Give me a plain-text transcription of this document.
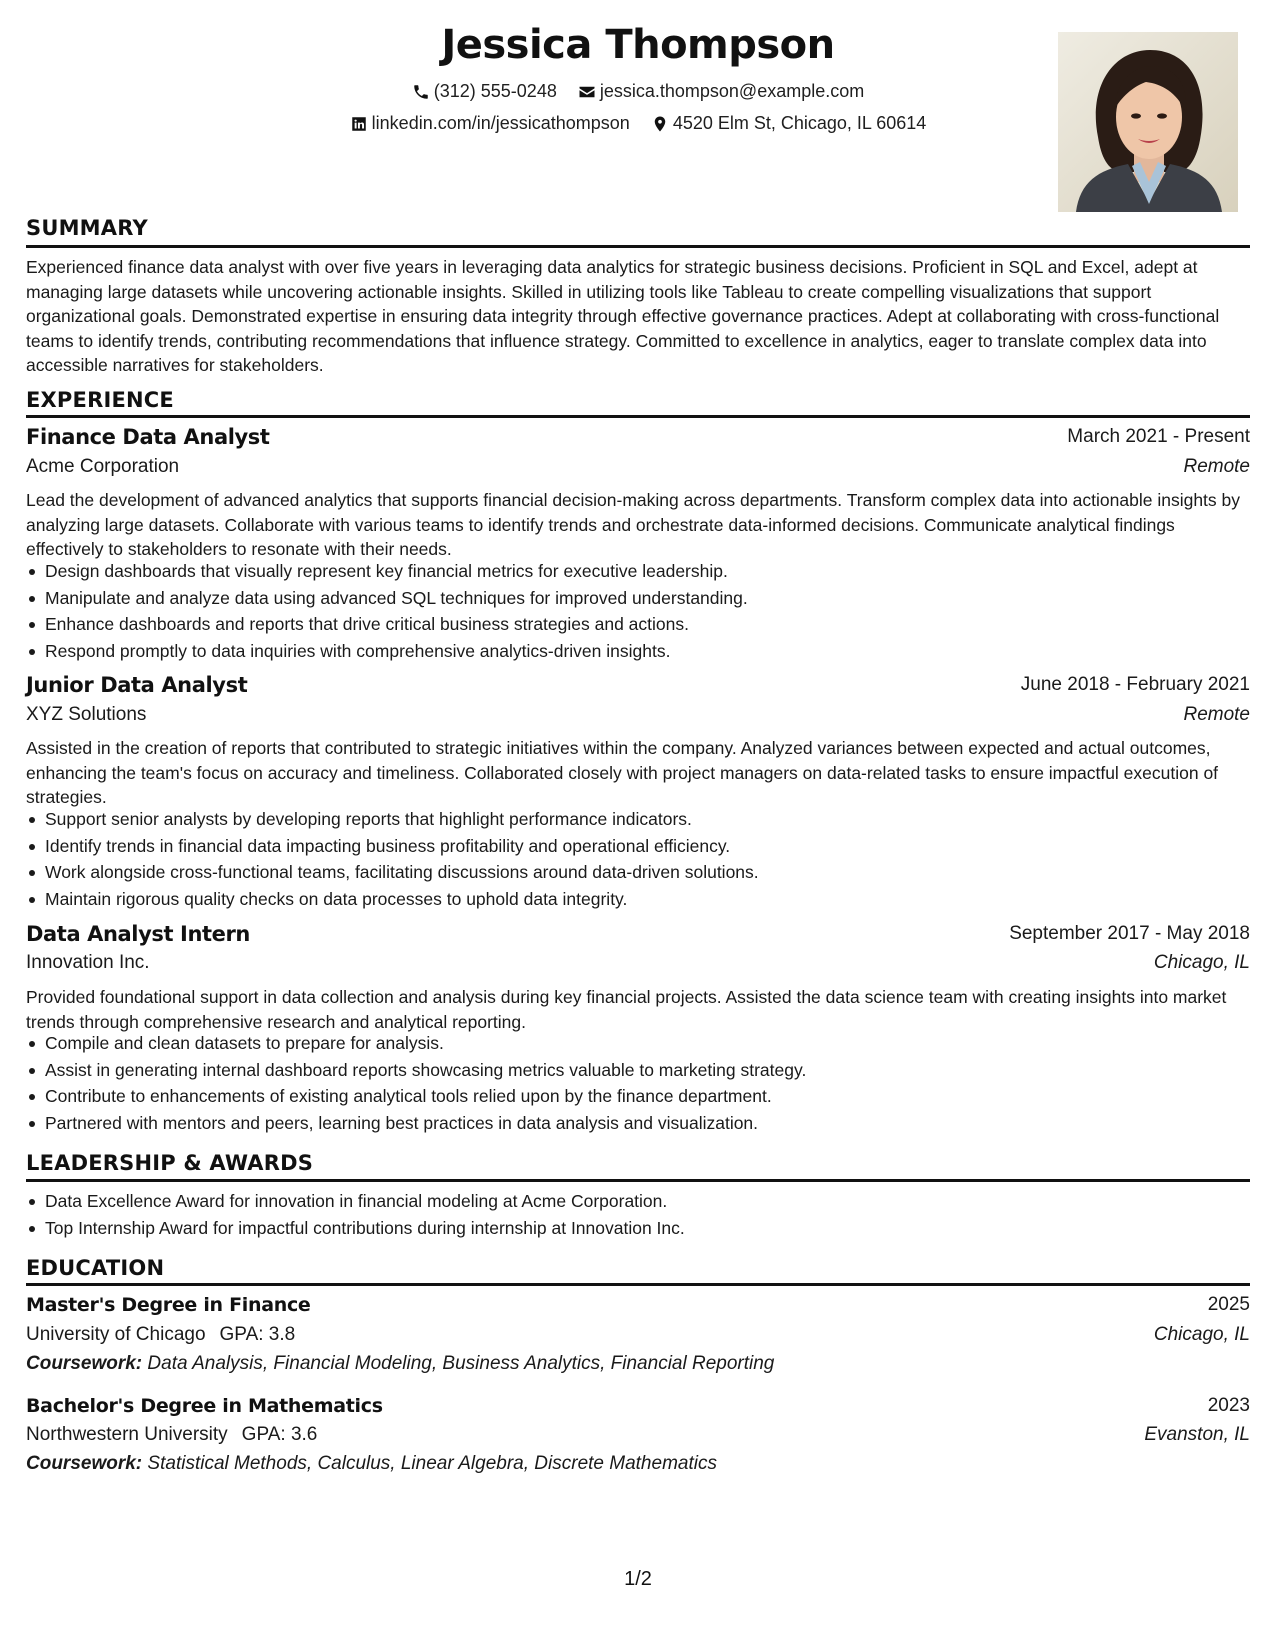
Jessica Thompson
(312) 555-0248
jessica.thompson@example.com
linkedin.com/in/jessicathompson
4520 Elm St, Chicago, IL 60614
SUMMARY
Experienced finance data analyst with over five years in leveraging data analytics for strategic business decisions. Proficient in SQL and Excel, adept at managing large datasets while uncovering actionable insights. Skilled in utilizing tools like Tableau to create compelling visualizations that support organizational goals. Demonstrated expertise in ensuring data integrity through effective governance practices. Adept at collaborating with cross-functional teams to identify trends, contributing recommendations that influence strategy. Committed to excellence in analytics, eager to translate complex data into accessible narratives for stakeholders.
EXPERIENCE
Finance Data Analyst	March 2021 - Present
Acme Corporation	Remote
Lead the development of advanced analytics that supports financial decision-making across departments. Transform complex data into actionable insights by analyzing large datasets. Collaborate with various teams to identify trends and orchestrate data-informed decisions. Communicate analytical findings effectively to stakeholders to resonate with their needs.
Design dashboards that visually represent key financial metrics for executive leadership.
Manipulate and analyze data using advanced SQL techniques for improved understanding.
Enhance dashboards and reports that drive critical business strategies and actions.
Respond promptly to data inquiries with comprehensive analytics-driven insights.
Junior Data Analyst	June 2018 - February 2021
XYZ Solutions	Remote
Assisted in the creation of reports that contributed to strategic initiatives within the company. Analyzed variances between expected and actual outcomes, enhancing the team's focus on accuracy and timeliness. Collaborated closely with project managers on data-related tasks to ensure impactful execution of strategies.
Support senior analysts by developing reports that highlight performance indicators.
Identify trends in financial data impacting business profitability and operational efficiency.
Work alongside cross-functional teams, facilitating discussions around data-driven solutions.
Maintain rigorous quality checks on data processes to uphold data integrity.
Data Analyst Intern	September 2017 - May 2018
Innovation Inc.	Chicago, IL
Provided foundational support in data collection and analysis during key financial projects. Assisted the data science team with creating insights into market trends through comprehensive research and analytical reporting.
Compile and clean datasets to prepare for analysis.
Assist in generating internal dashboard reports showcasing metrics valuable to marketing strategy.
Contribute to enhancements of existing analytical tools relied upon by the finance department.
Partnered with mentors and peers, learning best practices in data analysis and visualization.
LEADERSHIP & AWARDS
Data Excellence Award for innovation in financial modeling at Acme Corporation.
Top Internship Award for impactful contributions during internship at Innovation Inc.
EDUCATION
Master's Degree in Finance	2025
University of Chicago GPA: 3.8	Chicago, IL
Coursework: Data Analysis, Financial Modeling, Business Analytics, Financial Reporting
Bachelor's Degree in Mathematics	2023
Northwestern University GPA: 3.6	Evanston, IL
Coursework: Statistical Methods, Calculus, Linear Algebra, Discrete Mathematics
1/2
